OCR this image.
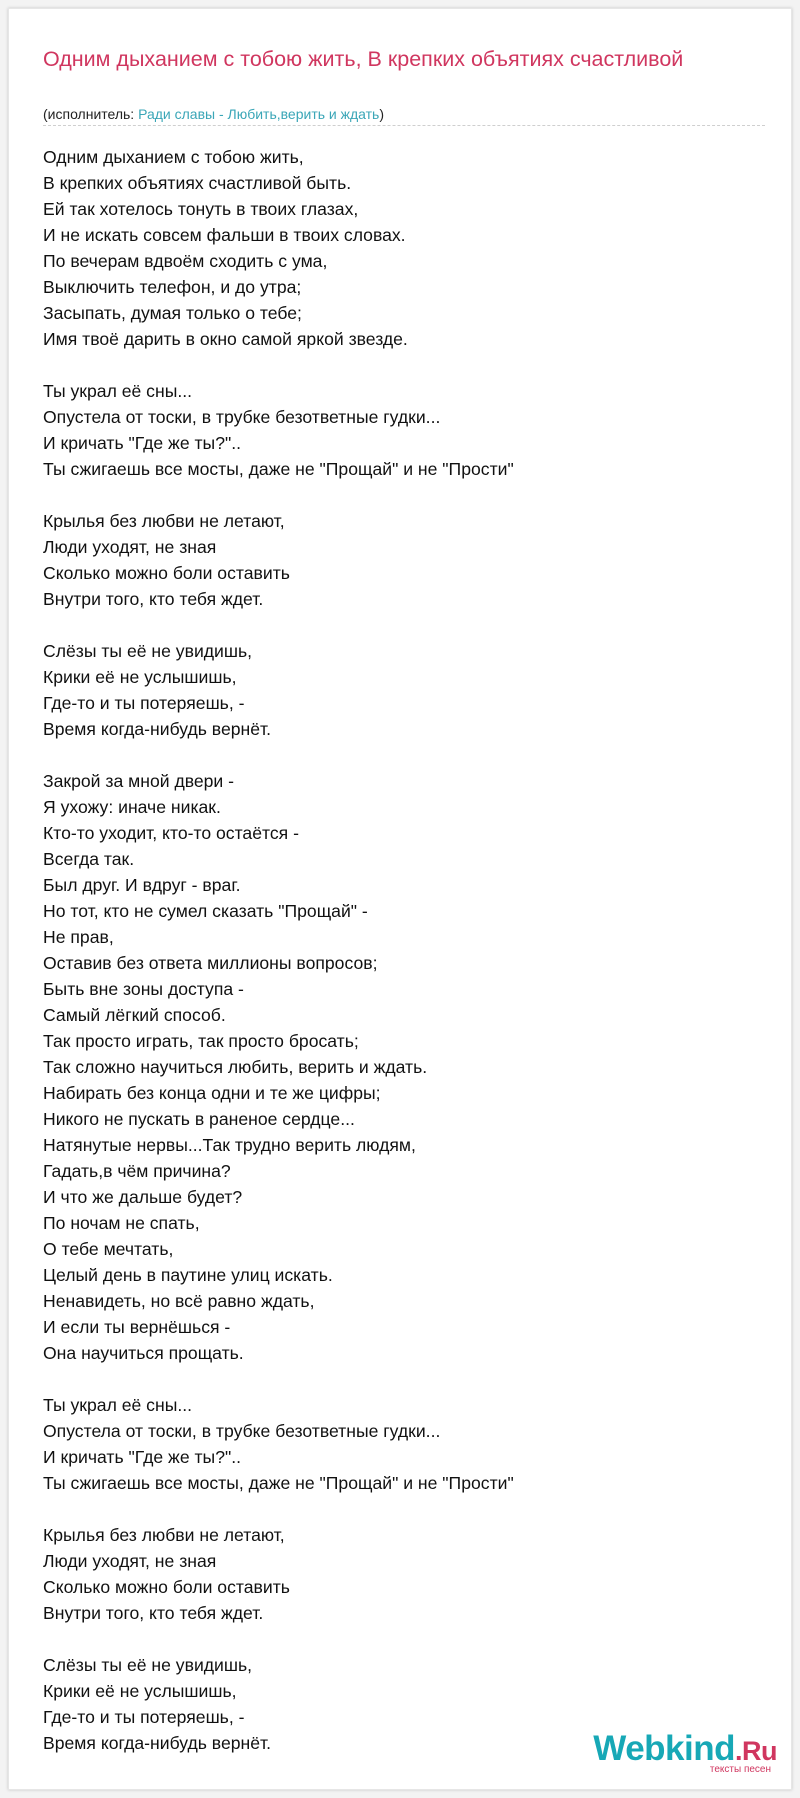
Одним дыханием с тобою жить, В крепких объятиях счастливой
(исполнитель: Ради славы - Любить,верить и ждать)
Одним дыханием с тобою жить,
В крепких объятиях счастливой быть.
Ей так хотелось тонуть в твоих глазах,
И не искать совсем фальши в твоих словах.
По вечерам вдвоём сходить с ума,
Выключить телефон, и до утра;
Засыпать, думая только о тебе;
Имя твоё дарить в окно самой яркой звезде.
Ты украл её сны...
Опустела от тоски, в трубке безответные гудки...
И кричать "Где же ты?"..
Ты сжигаешь все мосты, даже не "Прощай" и не "Прости"
Крылья без любви не летают,
Люди уходят, не зная
Сколько можно боли оставить
Внутри того, кто тебя ждет.
Слёзы ты её не увидишь,
Крики её не услышишь,
Где-то и ты потеряешь, -
Время когда-нибудь вернёт.
Закрой за мной двери -
Я ухожу: иначе никак.
Кто-то уходит, кто-то остаётся -
Всегда так.
Был друг. И вдруг - враг.
Но тот, кто не сумел сказать "Прощай" -
Не прав,
Оставив без ответа миллионы вопросов;
Быть вне зоны доступа -
Самый лёгкий способ.
Так просто играть, так просто бросать;
Так сложно научиться любить, верить и ждать.
Набирать без конца одни и те же цифры;
Никого не пускать в раненое сердце...
Натянутые нервы...Так трудно верить людям,
Гадать,в чём причина?
И что же дальше будет?
По ночам не спать,
О тебе мечтать,
Целый день в паутине улиц искать.
Ненавидеть, но всё равно ждать,
И если ты вернёшься -
Она научиться прощать.
Ты украл её сны...
Опустела от тоски, в трубке безответные гудки...
И кричать "Где же ты?"..
Ты сжигаешь все мосты, даже не "Прощай" и не "Прости"
Крылья без любви не летают,
Люди уходят, не зная
Сколько можно боли оставить
Внутри того, кто тебя ждет.
Слёзы ты её не увидишь,
Крики её не услышишь,
Где-то и ты потеряешь, -
Время когда-нибудь вернёт.	Webkind.Ru
тексты песен
